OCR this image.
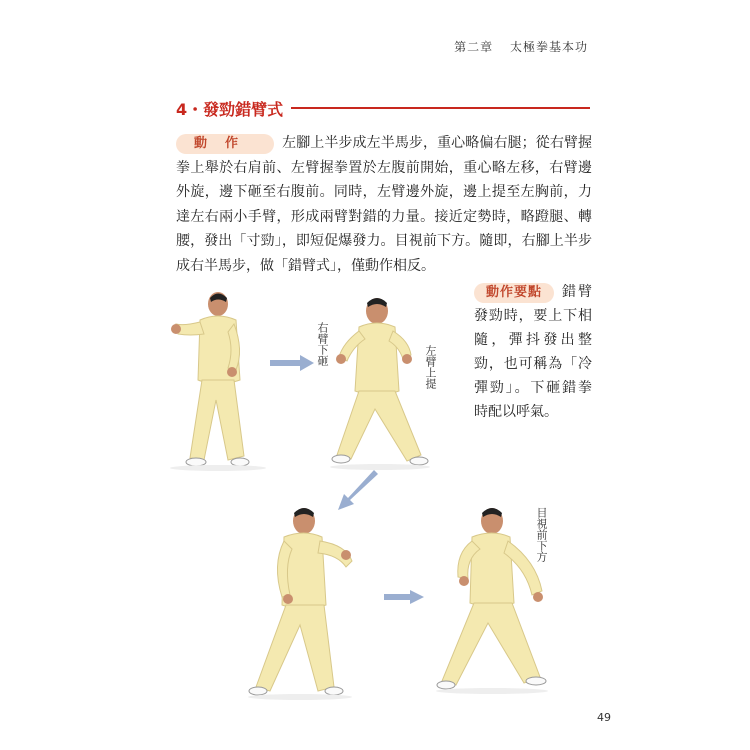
第二章 太極拳基本功
4・發勁錯臂式
動作 左腳上半步成左半馬步，重心略偏右腿；從右臂握拳上舉於右肩前、左臂握拳置於左腹前開始，重心略左移，右臂邊外旋，邊下砸至右腹前。同時，左臂邊外旋，邊上提至左胸前，力達左右兩小手臂，形成兩臂對錯的力量。接近定勢時，略蹬腿、轉腰，發出「寸勁」，即短促爆發力。目視前下方。隨即，右腳上半步成右半馬步，做「錯臂式」，僅動作相反。
動作要點 錯臂發勁時，要上下相隨，彈抖發出整勁，也可稱為「冷彈勁」。下砸錯拳時配以呼氣。
右臂下砸
左臂上提
目視前下方
49
